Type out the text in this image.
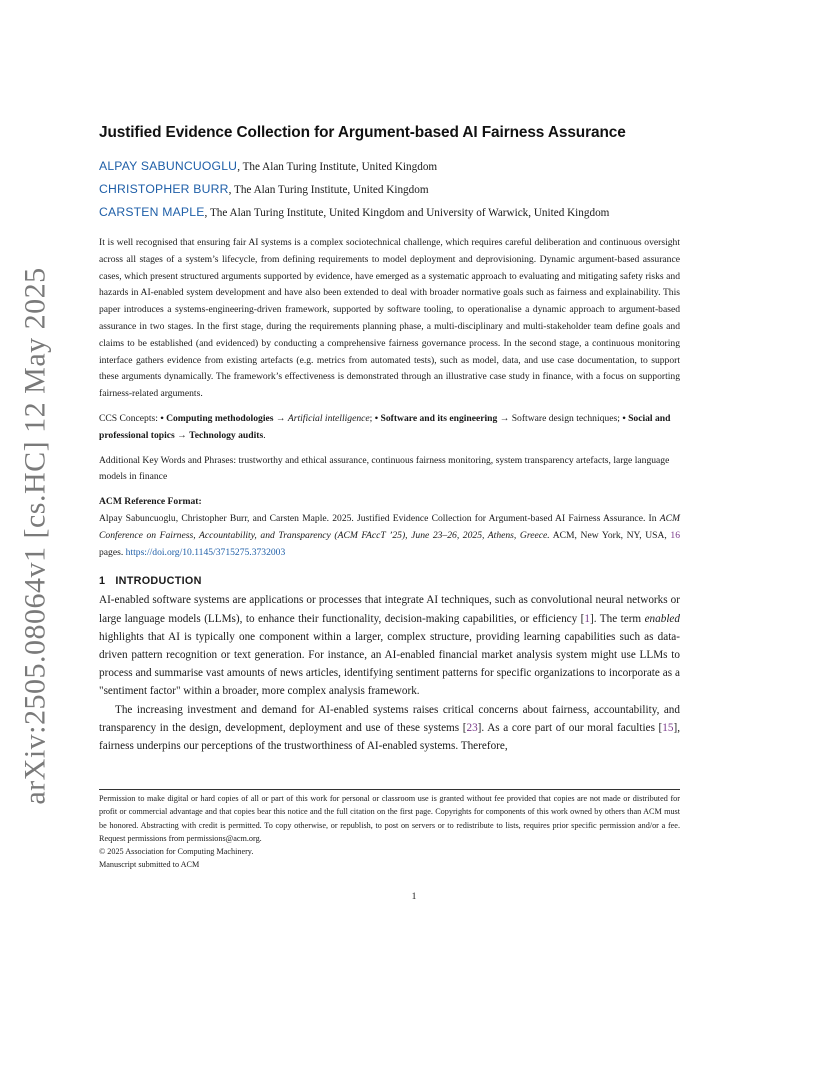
arXiv:2505.08064v1 [cs.HC] 12 May 2025
Justified Evidence Collection for Argument-based AI Fairness Assurance

ALPAY SABUNCUOGLU, The Alan Turing Institute, United Kingdom

CHRISTOPHER BURR, The Alan Turing Institute, United Kingdom

CARSTEN MAPLE, The Alan Turing Institute, United Kingdom and University of Warwick, United Kingdom

It is well recognised that ensuring fair AI systems is a complex sociotechnical challenge, which requires careful deliberation and continuous oversight across all stages of a system’s lifecycle, from defining requirements to model deployment and deprovisioning. Dynamic argument-based assurance cases, which present structured arguments supported by evidence, have emerged as a systematic approach to evaluating and mitigating safety risks and hazards in AI-enabled system development and have also been extended to deal with broader normative goals such as fairness and explainability. This paper introduces a systems-engineering-driven framework, supported by software tooling, to operationalise a dynamic approach to argument-based assurance in two stages. In the first stage, during the requirements planning phase, a multi-disciplinary and multi-stakeholder team define goals and claims to be established (and evidenced) by conducting a comprehensive fairness governance process. In the second stage, a continuous monitoring interface gathers evidence from existing artefacts (e.g. metrics from automated tests), such as model, data, and use case documentation, to support these arguments dynamically. The framework’s effectiveness is demonstrated through an illustrative case study in finance, with a focus on supporting fairness-related arguments.

CCS Concepts: • Computing methodologies → Artificial intelligence; • Software and its engineering → Software design techniques; • Social and professional topics → Technology audits.

Additional Key Words and Phrases: trustworthy and ethical assurance, continuous fairness monitoring, system transparency artefacts, large language models in finance

ACM Reference Format:

Alpay Sabuncuoglu, Christopher Burr, and Carsten Maple. 2025. Justified Evidence Collection for Argument-based AI Fairness Assurance. In ACM Conference on Fairness, Accountability, and Transparency (ACM FAccT ’25), June 23–26, 2025, Athens, Greece. ACM, New York, NY, USA, 16 pages. https://doi.org/10.1145/3715275.3732003

1 INTRODUCTION

AI-enabled software systems are applications or processes that integrate AI techniques, such as convolutional neural networks or large language models (LLMs), to enhance their functionality, decision-making capabilities, or efficiency [1]. The term enabled highlights that AI is typically one component within a larger, complex structure, providing learning capabilities such as data-driven pattern recognition or text generation. For instance, an AI-enabled financial market analysis system might use LLMs to process and summarise vast amounts of news articles, identifying sentiment patterns for specific organizations to incorporate as a "sentiment factor" within a broader, more complex analysis framework.

The increasing investment and demand for AI-enabled systems raises critical concerns about fairness, accountability, and transparency in the design, development, deployment and use of these systems [23]. As a core part of our moral faculties [15], fairness underpins our perceptions of the trustworthiness of AI-enabled systems. Therefore,

Permission to make digital or hard copies of all or part of this work for personal or classroom use is granted without fee provided that copies are not made or distributed for profit or commercial advantage and that copies bear this notice and the full citation on the first page. Copyrights for components of this work owned by others than ACM must be honored. Abstracting with credit is permitted. To copy otherwise, or republish, to post on servers or to redistribute to lists, requires prior specific permission and/or a fee. Request permissions from permissions@acm.org.

© 2025 Association for Computing Machinery.

Manuscript submitted to ACM

1
